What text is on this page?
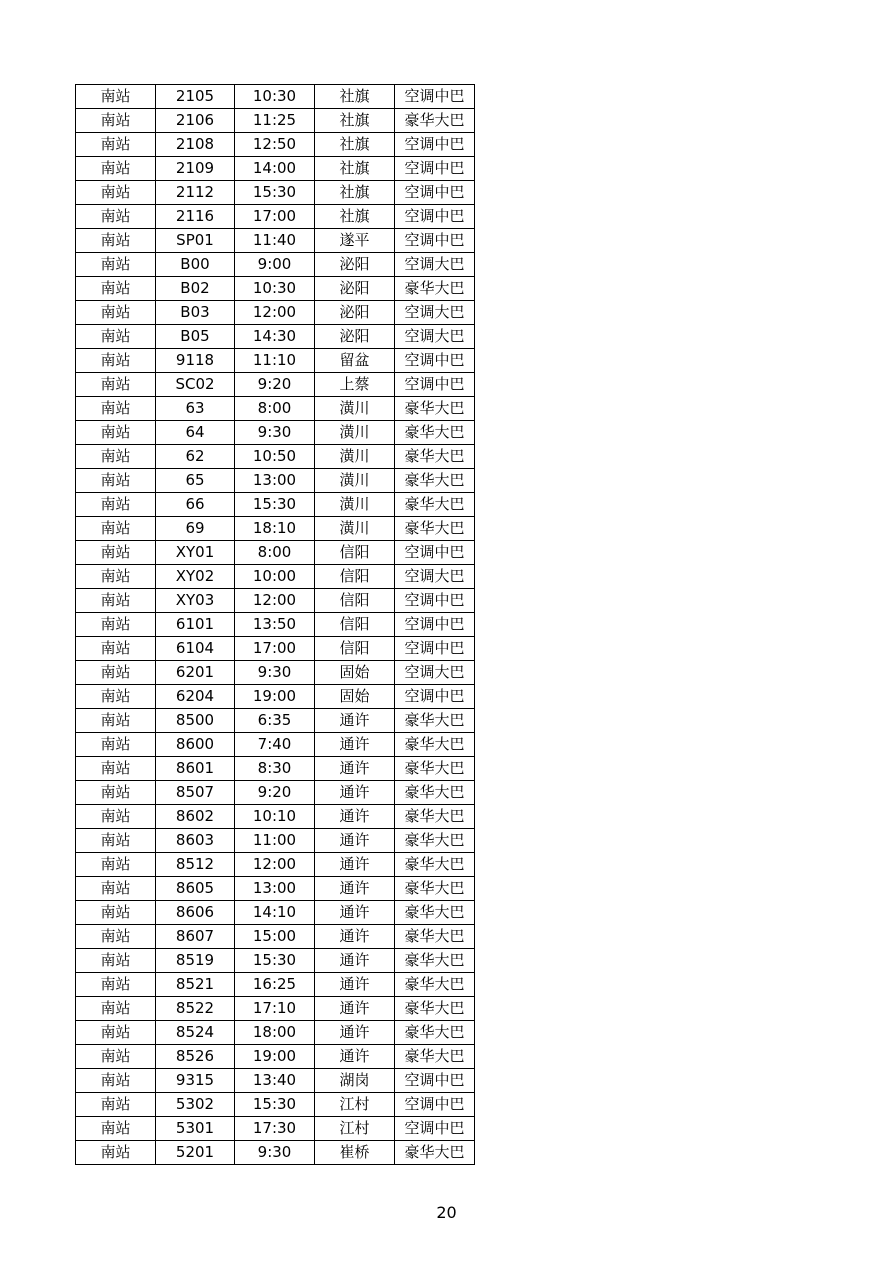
南站	2105	10:30	社旗	空调中巴
南站	2106	11:25	社旗	豪华大巴
南站	2108	12:50	社旗	空调中巴
南站	2109	14:00	社旗	空调中巴
南站	2112	15:30	社旗	空调中巴
南站	2116	17:00	社旗	空调中巴
南站	SP01	11:40	遂平	空调中巴
南站	B00	9:00	泌阳	空调大巴
南站	B02	10:30	泌阳	豪华大巴
南站	B03	12:00	泌阳	空调大巴
南站	B05	14:30	泌阳	空调大巴
南站	9118	11:10	留盆	空调中巴
南站	SC02	9:20	上蔡	空调中巴
南站	63	8:00	潢川	豪华大巴
南站	64	9:30	潢川	豪华大巴
南站	62	10:50	潢川	豪华大巴
南站	65	13:00	潢川	豪华大巴
南站	66	15:30	潢川	豪华大巴
南站	69	18:10	潢川	豪华大巴
南站	XY01	8:00	信阳	空调中巴
南站	XY02	10:00	信阳	空调大巴
南站	XY03	12:00	信阳	空调中巴
南站	6101	13:50	信阳	空调中巴
南站	6104	17:00	信阳	空调中巴
南站	6201	9:30	固始	空调大巴
南站	6204	19:00	固始	空调中巴
南站	8500	6:35	通许	豪华大巴
南站	8600	7:40	通许	豪华大巴
南站	8601	8:30	通许	豪华大巴
南站	8507	9:20	通许	豪华大巴
南站	8602	10:10	通许	豪华大巴
南站	8603	11:00	通许	豪华大巴
南站	8512	12:00	通许	豪华大巴
南站	8605	13:00	通许	豪华大巴
南站	8606	14:10	通许	豪华大巴
南站	8607	15:00	通许	豪华大巴
南站	8519	15:30	通许	豪华大巴
南站	8521	16:25	通许	豪华大巴
南站	8522	17:10	通许	豪华大巴
南站	8524	18:00	通许	豪华大巴
南站	8526	19:00	通许	豪华大巴
南站	9315	13:40	湖岗	空调中巴
南站	5302	15:30	江村	空调中巴
南站	5301	17:30	江村	空调中巴
南站	5201	9:30	崔桥	豪华大巴
20
